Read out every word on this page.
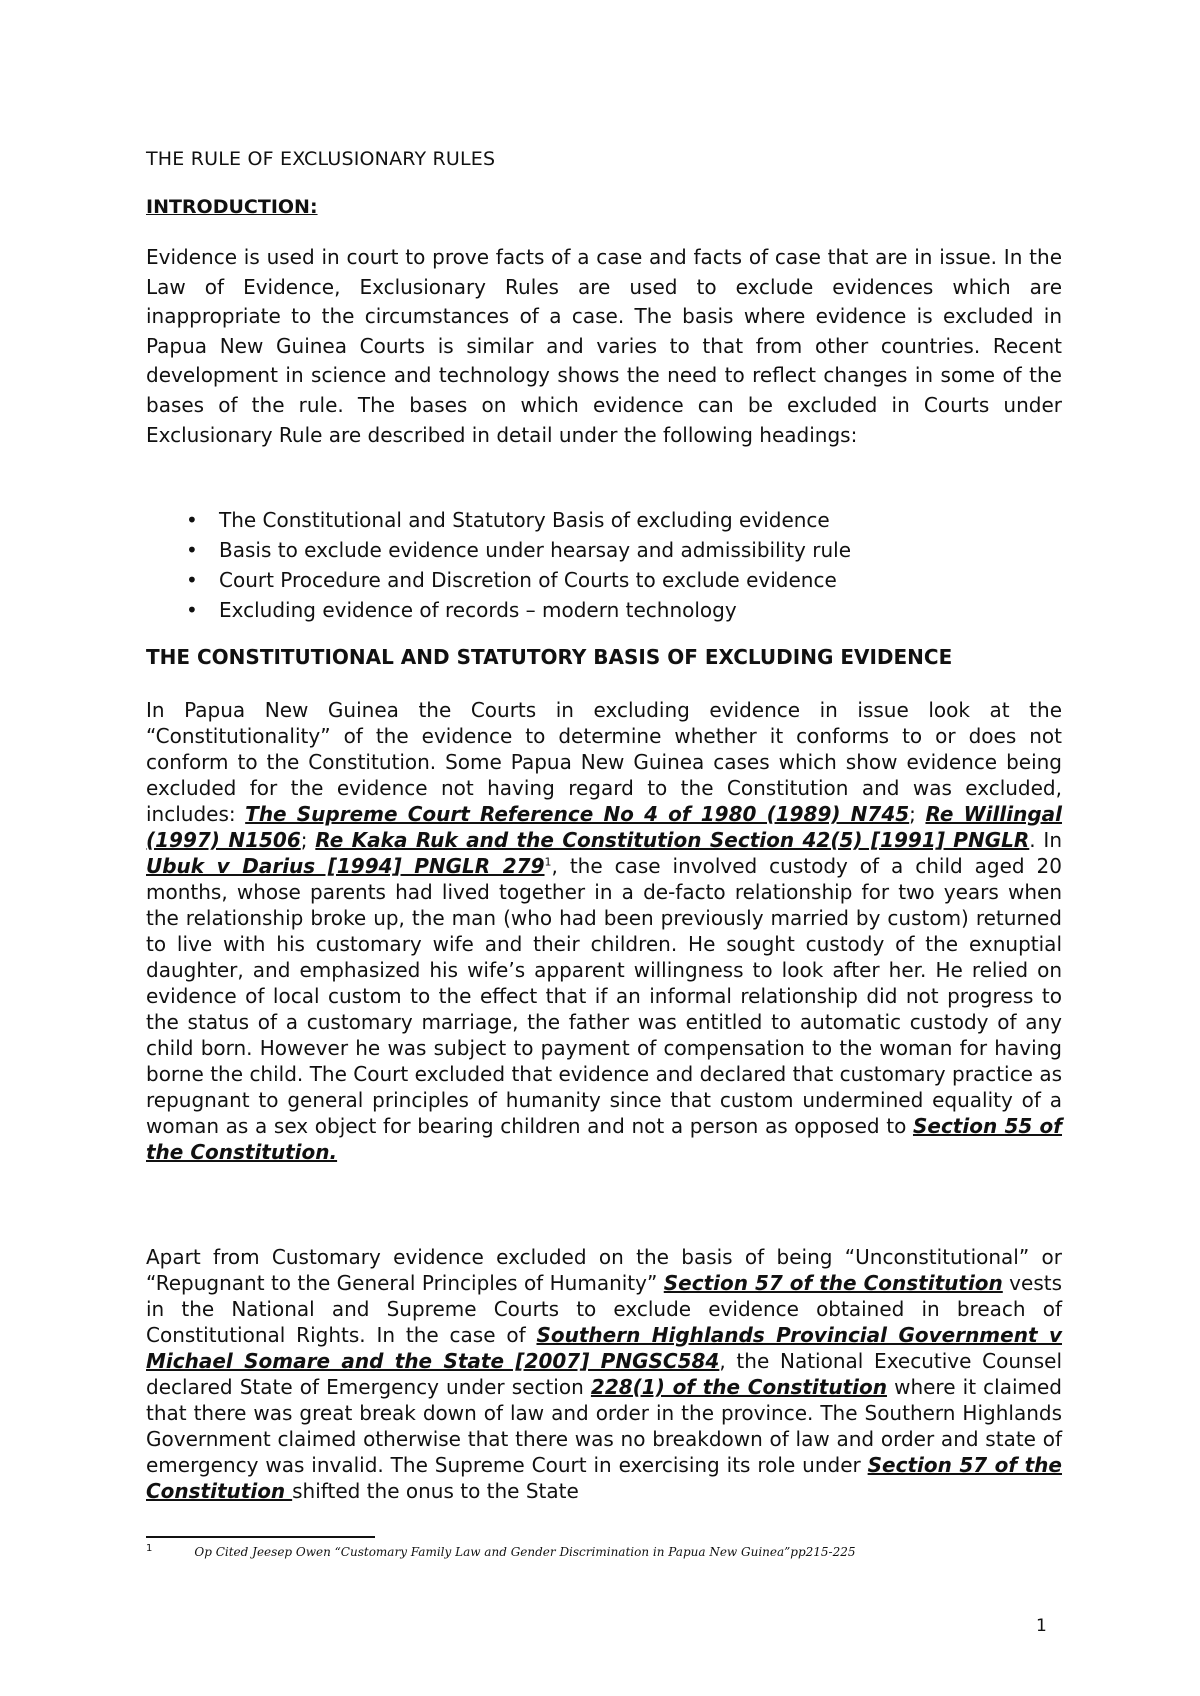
THE RULE OF EXCLUSIONARY RULES
INTRODUCTION:
Evidence is used in court to prove facts of a case and facts of case that are in issue. In the Law of Evidence, Exclusionary Rules are used to exclude evidences which are inappropriate to the circumstances of a case. The basis where evidence is excluded in Papua New Guinea Courts is similar and varies to that from other countries. Recent development in science and technology shows the need to reflect changes in some of the bases of the rule. The bases on which evidence can be excluded in Courts under Exclusionary Rule are described in detail under the following headings:
• The Constitutional and Statutory Basis of excluding evidence
• Basis to exclude evidence under hearsay and admissibility rule
• Court Procedure and Discretion of Courts to exclude evidence
• Excluding evidence of records – modern technology
THE CONSTITUTIONAL AND STATUTORY BASIS OF EXCLUDING EVIDENCE
In Papua New Guinea the Courts in excluding evidence in issue look at the “Constitutionality” of the evidence to determine whether it conforms to or does not conform to the Constitution. Some Papua New Guinea cases which show evidence being excluded for the evidence not having regard to the Constitution and was excluded, includes: The Supreme Court Reference No 4 of 1980 (1989) N745; Re Willingal (1997) N1506; Re Kaka Ruk and the Constitution Section 42(5) [1991] PNGLR. In Ubuk v Darius [1994] PNGLR $279^1$, the case involved custody of a child aged 20 months, whose parents had lived together in a de-facto relationship for two years when the relationship broke up, the man (who had been previously married by custom) returned to live with his customary wife and their children. He sought custody of the exnuptial daughter, and emphasized his wife’s apparent willingness to look after her. He relied on evidence of local custom to the effect that if an informal relationship did not progress to the status of a customary marriage, the father was entitled to automatic custody of any child born. However he was subject to payment of compensation to the woman for having borne the child. The Court excluded that evidence and declared that customary practice as repugnant to general principles of humanity since that custom undermined equality of a woman as a sex object for bearing children and not a person as opposed to Section 55 of the Constitution.
Apart from Customary evidence excluded on the basis of being “Unconstitutional” or “Repugnant to the General Principles of Humanity” Section 57 of the Constitution vests in the National and Supreme Courts to exclude evidence obtained in breach of Constitutional Rights. In the case of Southern Highlands Provincial Government v Michael Somare and the State [2007] PNGSC584, the National Executive Counsel declared State of Emergency under section 228(1) of the Constitution where it claimed that there was great break down of law and order in the province. The Southern Highlands Government claimed otherwise that there was no breakdown of law and order and state of emergency was invalid. The Supreme Court in exercising its role under Section 57 of the Constitution shifted the onus to the State
$^1$	Op Cited Jeesep Owen “Customary Family Law and Gender Discrimination in Papua New Guinea”pp215-225
1
